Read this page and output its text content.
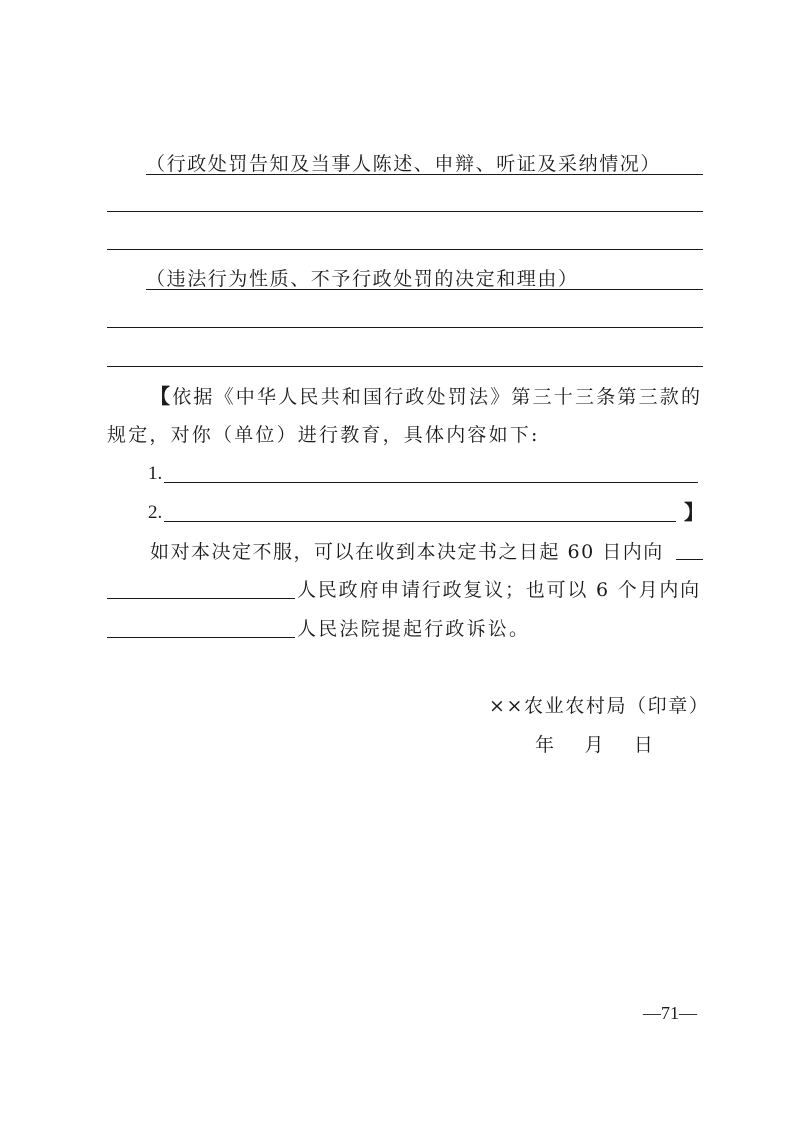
（行政处罚告知及当事人陈述、申辩、听证及采纳情况）
（违法行为性质、不予行政处罚的决定和理由）
【依据《中华人民共和国行政处罚法》第三十三条第三款的
规定，对你（单位）进行教育，具体内容如下:
1.
2.	】
如对本决定不服，可以在收到本决定书之日起 60 日内向
人民政府申请行政复议；也可以 6 个月内向
人民法院提起行政诉讼。
××农业农村局（印章）
年 月 日
—71—
